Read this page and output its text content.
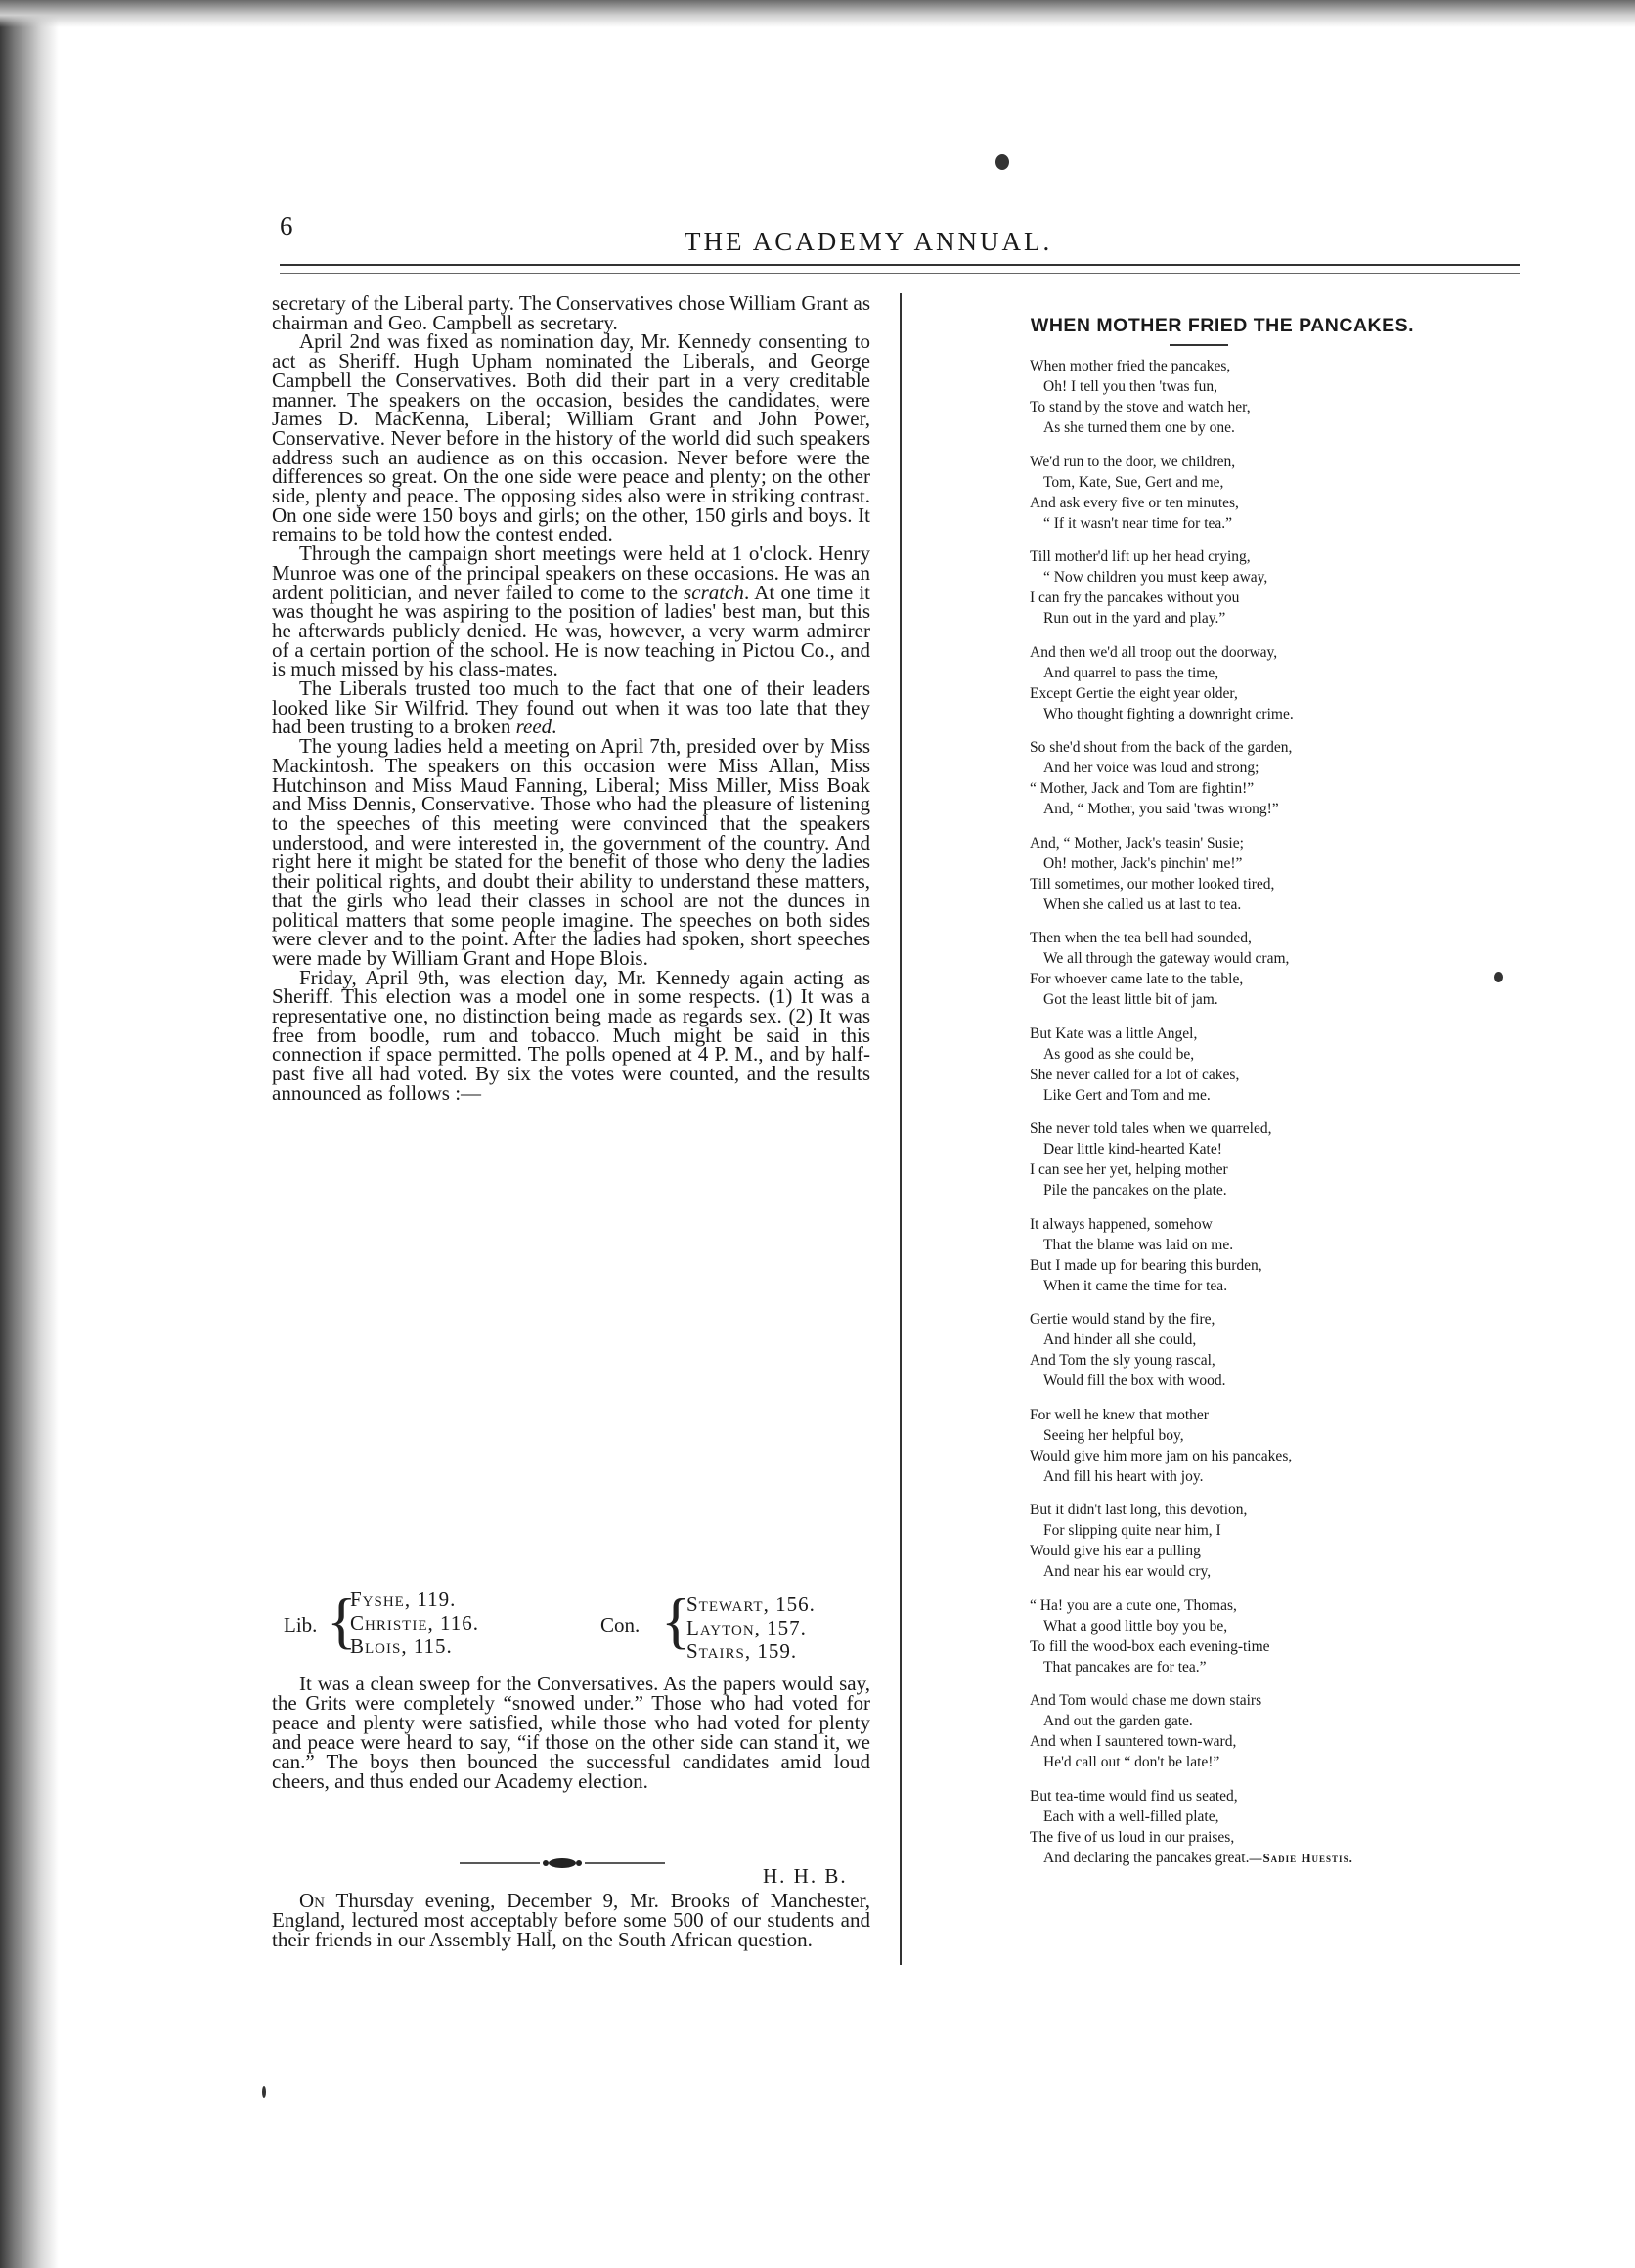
6
THE ACADEMY ANNUAL.

secretary of the Liberal party. The Conservatives chose William Grant as chairman and Geo. Campbell as secretary.

April 2nd was fixed as nomination day, Mr. Kennedy consenting to act as Sheriff. Hugh Upham nominated the Liberals, and George Campbell the Conservatives. Both did their part in a very creditable manner. The speakers on the occasion, besides the candidates, were James D. MacKenna, Liberal; William Grant and John Power, Conservative. Never before in the history of the world did such speakers address such an audience as on this occasion. Never before were the differences so great. On the one side were peace and plenty; on the other side, plenty and peace. The opposing sides also were in striking contrast. On one side were 150 boys and girls; on the other, 150 girls and boys. It remains to be told how the contest ended.

Through the campaign short meetings were held at 1 o'clock. Henry Munroe was one of the principal speakers on these occasions. He was an ardent politician, and never failed to come to the scratch. At one time it was thought he was aspiring to the position of ladies' best man, but this he afterwards publicly denied. He was, however, a very warm admirer of a certain portion of the school. He is now teaching in Pictou Co., and is much missed by his class-mates.

The Liberals trusted too much to the fact that one of their leaders looked like Sir Wilfrid. They found out when it was too late that they had been trusting to a broken reed.

The young ladies held a meeting on April 7th, presided over by Miss Mackintosh. The speakers on this occasion were Miss Allan, Miss Hutchinson and Miss Maud Fanning, Liberal; Miss Miller, Miss Boak and Miss Dennis, Conservative. Those who had the pleasure of listening to the speeches of this meeting were convinced that the speakers understood, and were interested in, the government of the country. And right here it might be stated for the benefit of those who deny the ladies their political rights, and doubt their ability to understand these matters, that the girls who lead their classes in school are not the dunces in political matters that some people imagine. The speeches on both sides were clever and to the point. After the ladies had spoken, short speeches were made by William Grant and Hope Blois.

Friday, April 9th, was election day, Mr. Kennedy again acting as Sheriff. This election was a model one in some respects. (1) It was a representative one, no distinction being made as regards sex. (2) It was free from boodle, rum and tobacco. Much might be said in this connection if space permitted. The polls opened at 4 P. M., and by half-past five all had voted. By six the votes were counted, and the results announced as follows :—

Lib. {
Fyshe, 119.
Christie, 116.
Blois, 115.
Con. {
Stewart, 156.
Layton, 157.
Stairs, 159.

It was a clean sweep for the Conversatives. As the papers would say, the Grits were completely “snowed under.” Those who had voted for peace and plenty were satisfied, while those who had voted for plenty and peace were heard to say, “if those on the other side can stand it, we can.” The boys then bounced the successful candidates amid loud cheers, and thus ended our Academy election.

H. H. B.

On Thursday evening, December 9, Mr. Brooks of Manchester, England, lectured most acceptably before some 500 of our students and their friends in our Assembly Hall, on the South African question.

WHEN MOTHER FRIED THE PANCAKES.
When mother fried the pancakes,
Oh! I tell you then 'twas fun,
To stand by the stove and watch her,
As she turned them one by one.
We'd run to the door, we children,
Tom, Kate, Sue, Gert and me,
And ask every five or ten minutes,
“ If it wasn't near time for tea.”
Till mother'd lift up her head crying,
“ Now children you must keep away,
I can fry the pancakes without you
Run out in the yard and play.”
And then we'd all troop out the doorway,
And quarrel to pass the time,
Except Gertie the eight year older,
Who thought fighting a downright crime.
So she'd shout from the back of the garden,
And her voice was loud and strong;
“ Mother, Jack and Tom are fightin!”
And, “ Mother, you said 'twas wrong!”
And, “ Mother, Jack's teasin' Susie;
Oh! mother, Jack's pinchin' me!”
Till sometimes, our mother looked tired,
When she called us at last to tea.
Then when the tea bell had sounded,
We all through the gateway would cram,
For whoever came late to the table,
Got the least little bit of jam.
But Kate was a little Angel,
As good as she could be,
She never called for a lot of cakes,
Like Gert and Tom and me.
She never told tales when we quarreled,
Dear little kind-hearted Kate!
I can see her yet, helping mother
Pile the pancakes on the plate.
It always happened, somehow
That the blame was laid on me.
But I made up for bearing this burden,
When it came the time for tea.
Gertie would stand by the fire,
And hinder all she could,
And Tom the sly young rascal,
Would fill the box with wood.
For well he knew that mother
Seeing her helpful boy,
Would give him more jam on his pancakes,
And fill his heart with joy.
But it didn't last long, this devotion,
For slipping quite near him, I
Would give his ear a pulling
And near his ear would cry,
“ Ha! you are a cute one, Thomas,
What a good little boy you be,
To fill the wood-box each evening-time
That pancakes are for tea.”
And Tom would chase me down stairs
And out the garden gate.
And when I sauntered town-ward,
He'd call out “ don't be late!”
But tea-time would find us seated,
Each with a well-filled plate,
The five of us loud in our praises,
And declaring the pancakes great.—Sadie Huestis.
